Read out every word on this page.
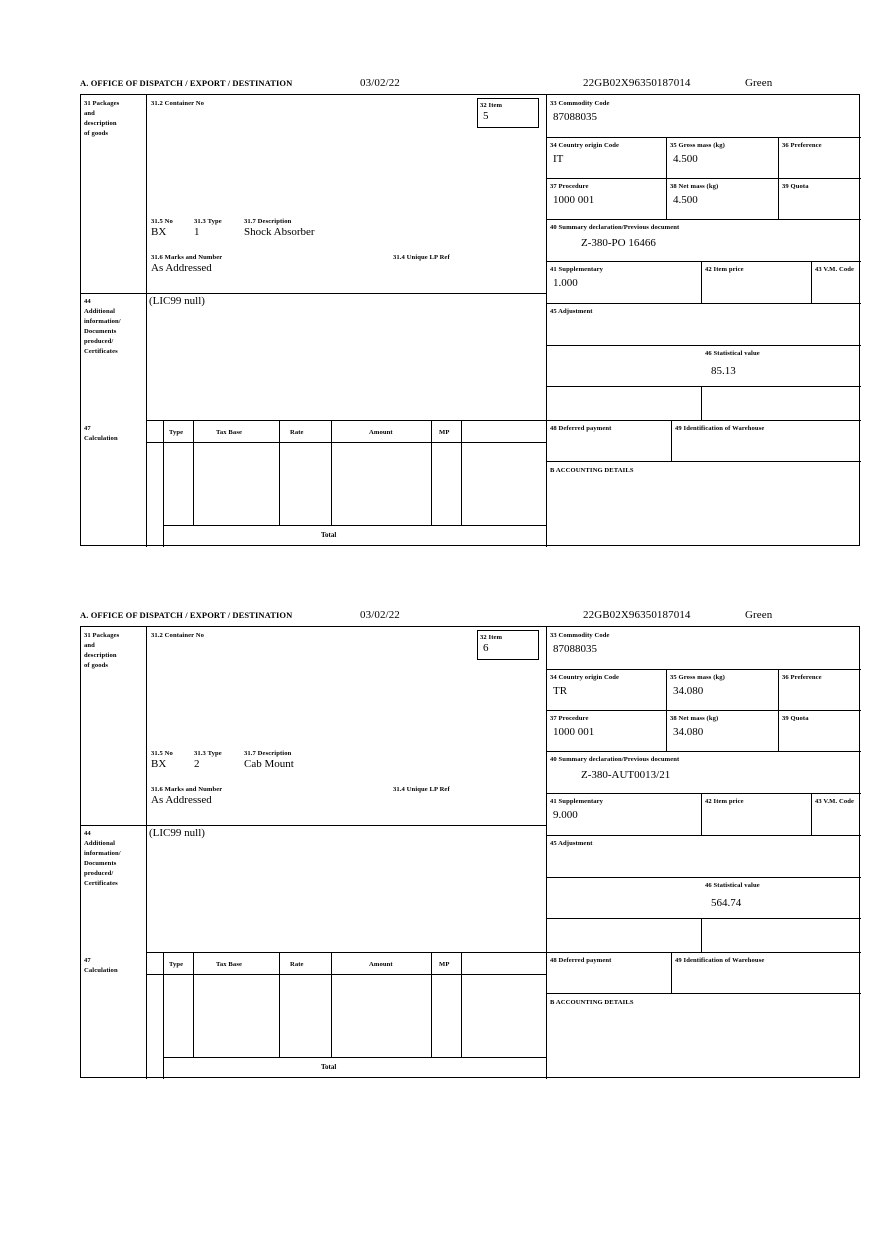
A. OFFICE OF DISPATCH / EXPORT / DESTINATION	03/02/22	22GB02X96350187014	Green
31 Packages
and
description
of goods
44
Additional
information/
Documents
produced/
Certificates
47
Calculation
31.2 Container No
31.5 No	31.3 Type	31.7 Description
BX	1	Shock Absorber
31.6 Marks and Number	31.4 Unique LP Ref
As Addressed
(LIC99 null)
32 Item
5
33 Commodity Code
87088035
34 Country origin Code
IT
35 Gross mass (kg)
4.500
36 Preference
37 Procedure
1000 001
38 Net mass (kg)
4.500
39 Quota
40 Summary declaration/Previous document
Z-380-PO 16466
41 Supplementary
1.000
42 Item price	43 V.M. Code
45 Adjustment
46 Statistical value
85.13
Type	Tax Base	Rate	Amount	MP
Total
48 Deferred payment	49 Identification of Warehouse
B ACCOUNTING DETAILS
A. OFFICE OF DISPATCH / EXPORT / DESTINATION	03/02/22	22GB02X96350187014	Green
31 Packages
and
description
of goods
44
Additional
information/
Documents
produced/
Certificates
47
Calculation
31.2 Container No
31.5 No	31.3 Type	31.7 Description
BX	2	Cab Mount
31.6 Marks and Number	31.4 Unique LP Ref
As Addressed
(LIC99 null)
32 Item
6
33 Commodity Code
87088035
34 Country origin Code
TR
35 Gross mass (kg)
34.080
36 Preference
37 Procedure
1000 001
38 Net mass (kg)
34.080
39 Quota
40 Summary declaration/Previous document
Z-380-AUT0013/21
41 Supplementary
9.000
42 Item price	43 V.M. Code
45 Adjustment
46 Statistical value
564.74
Type	Tax Base	Rate	Amount	MP
Total
48 Deferred payment	49 Identification of Warehouse
B ACCOUNTING DETAILS
